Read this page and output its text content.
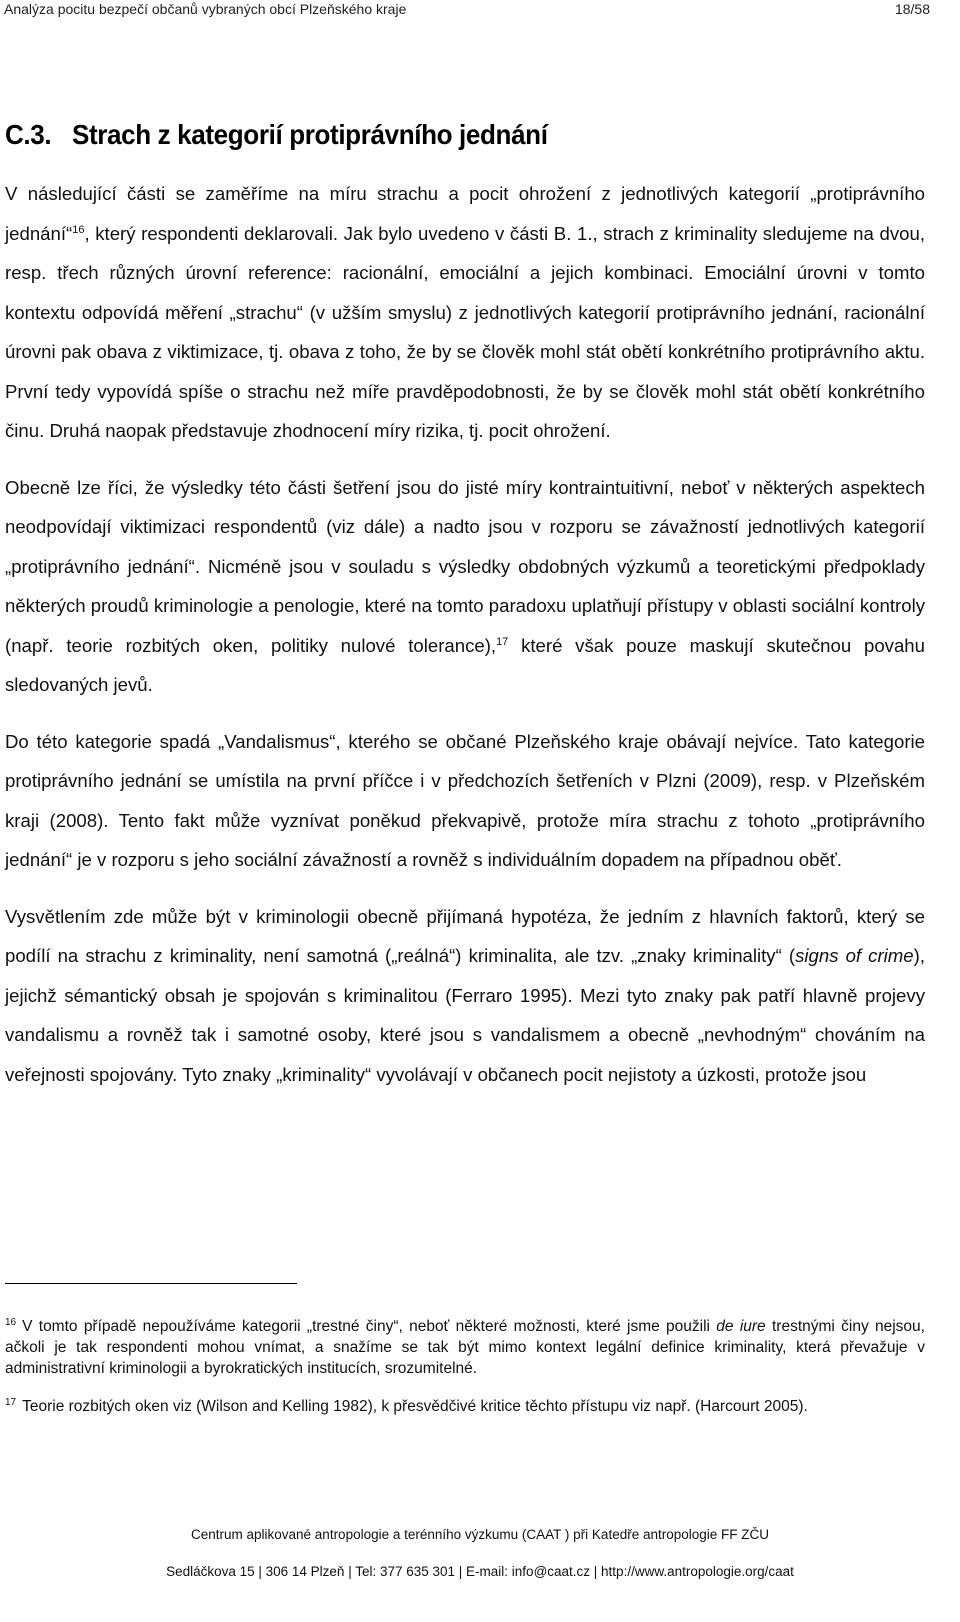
Analýza pocitu bezpečí občanů vybraných obcí Plzeňského kraje	18/58
C.3. Strach z kategorií protiprávního jednání

V následující části se zaměříme na míru strachu a pocit ohrožení z jednotlivých kategorií „protiprávního jednání“$^{16}$, který respondenti deklarovali. Jak bylo uvedeno v části B. 1., strach z kriminality sledujeme na dvou, resp. třech různých úrovní reference: racionální, emociální a jejich kombinaci. Emociální úrovni v tomto kontextu odpovídá měření „strachu“ (v užším smyslu) z jednotlivých kategorií protiprávního jednání, racionální úrovni pak obava z viktimizace, tj. obava z toho, že by se člověk mohl stát obětí konkrétního protiprávního aktu. První tedy vypovídá spíše o strachu než míře pravděpodobnosti, že by se člověk mohl stát obětí konkrétního činu. Druhá naopak představuje zhodnocení míry rizika, tj. pocit ohrožení.

Obecně lze říci, že výsledky této části šetření jsou do jisté míry kontraintuitivní, neboť v některých aspektech neodpovídají viktimizaci respondentů (viz dále) a nadto jsou v rozporu se závažností jednotlivých kategorií „protiprávního jednání“. Nicméně jsou v souladu s výsledky obdobných výzkumů a teoretickými předpoklady některých proudů kriminologie a penologie, které na tomto paradoxu uplatňují přístupy v oblasti sociální kontroly (např. teorie rozbitých oken, politiky nulové tolerance),$^{17}$ které však pouze maskují skutečnou povahu sledovaných jevů.

Do této kategorie spadá „Vandalismus“, kterého se občané Plzeňského kraje obávají nejvíce. Tato kategorie protiprávního jednání se umístila na první příčce i v předchozích šetřeních v Plzni (2009), resp. v Plzeňském kraji (2008). Tento fakt může vyznívat poněkud překvapivě, protože míra strachu z tohoto „protiprávního jednání“ je v rozporu s jeho sociální závažností a rovněž s individuálním dopadem na případnou oběť.

Vysvětlením zde může být v kriminologii obecně přijímaná hypotéza, že jedním z hlavních faktorů, který se podílí na strachu z kriminality, není samotná („reálná“) kriminalita, ale tzv. „znaky kriminality“ (signs of crime), jejichž sémantický obsah je spojován s kriminalitou (Ferraro 1995). Mezi tyto znaky pak patří hlavně projevy vandalismu a rovněž tak i samotné osoby, které jsou s vandalismem a obecně „nevhodným“ chováním na veřejnosti spojovány. Tyto znaky „kriminality“ vyvolávají v občanech pocit nejistoty a úzkosti, protože jsou

$^{16}$ V tomto případě nepoužíváme kategorii „trestné činy“, neboť některé možnosti, které jsme použili de iure trestnými činy nejsou, ačkoli je tak respondenti mohou vnímat, a snažíme se tak být mimo kontext legální definice kriminality, která převažuje v administrativní kriminologii a byrokratických institucích, srozumitelné.

$^{17}$ Teorie rozbitých oken viz (Wilson and Kelling 1982), k přesvědčivé kritice těchto přístupu viz např. (Harcourt 2005).

Centrum aplikované antropologie a terénního výzkumu (CAAT ) při Katedře antropologie FF ZČU
Sedláčkova 15 | 306 14 Plzeň | Tel: 377 635 301 | E-mail: info@caat.cz | http://www.antropologie.org/caat
